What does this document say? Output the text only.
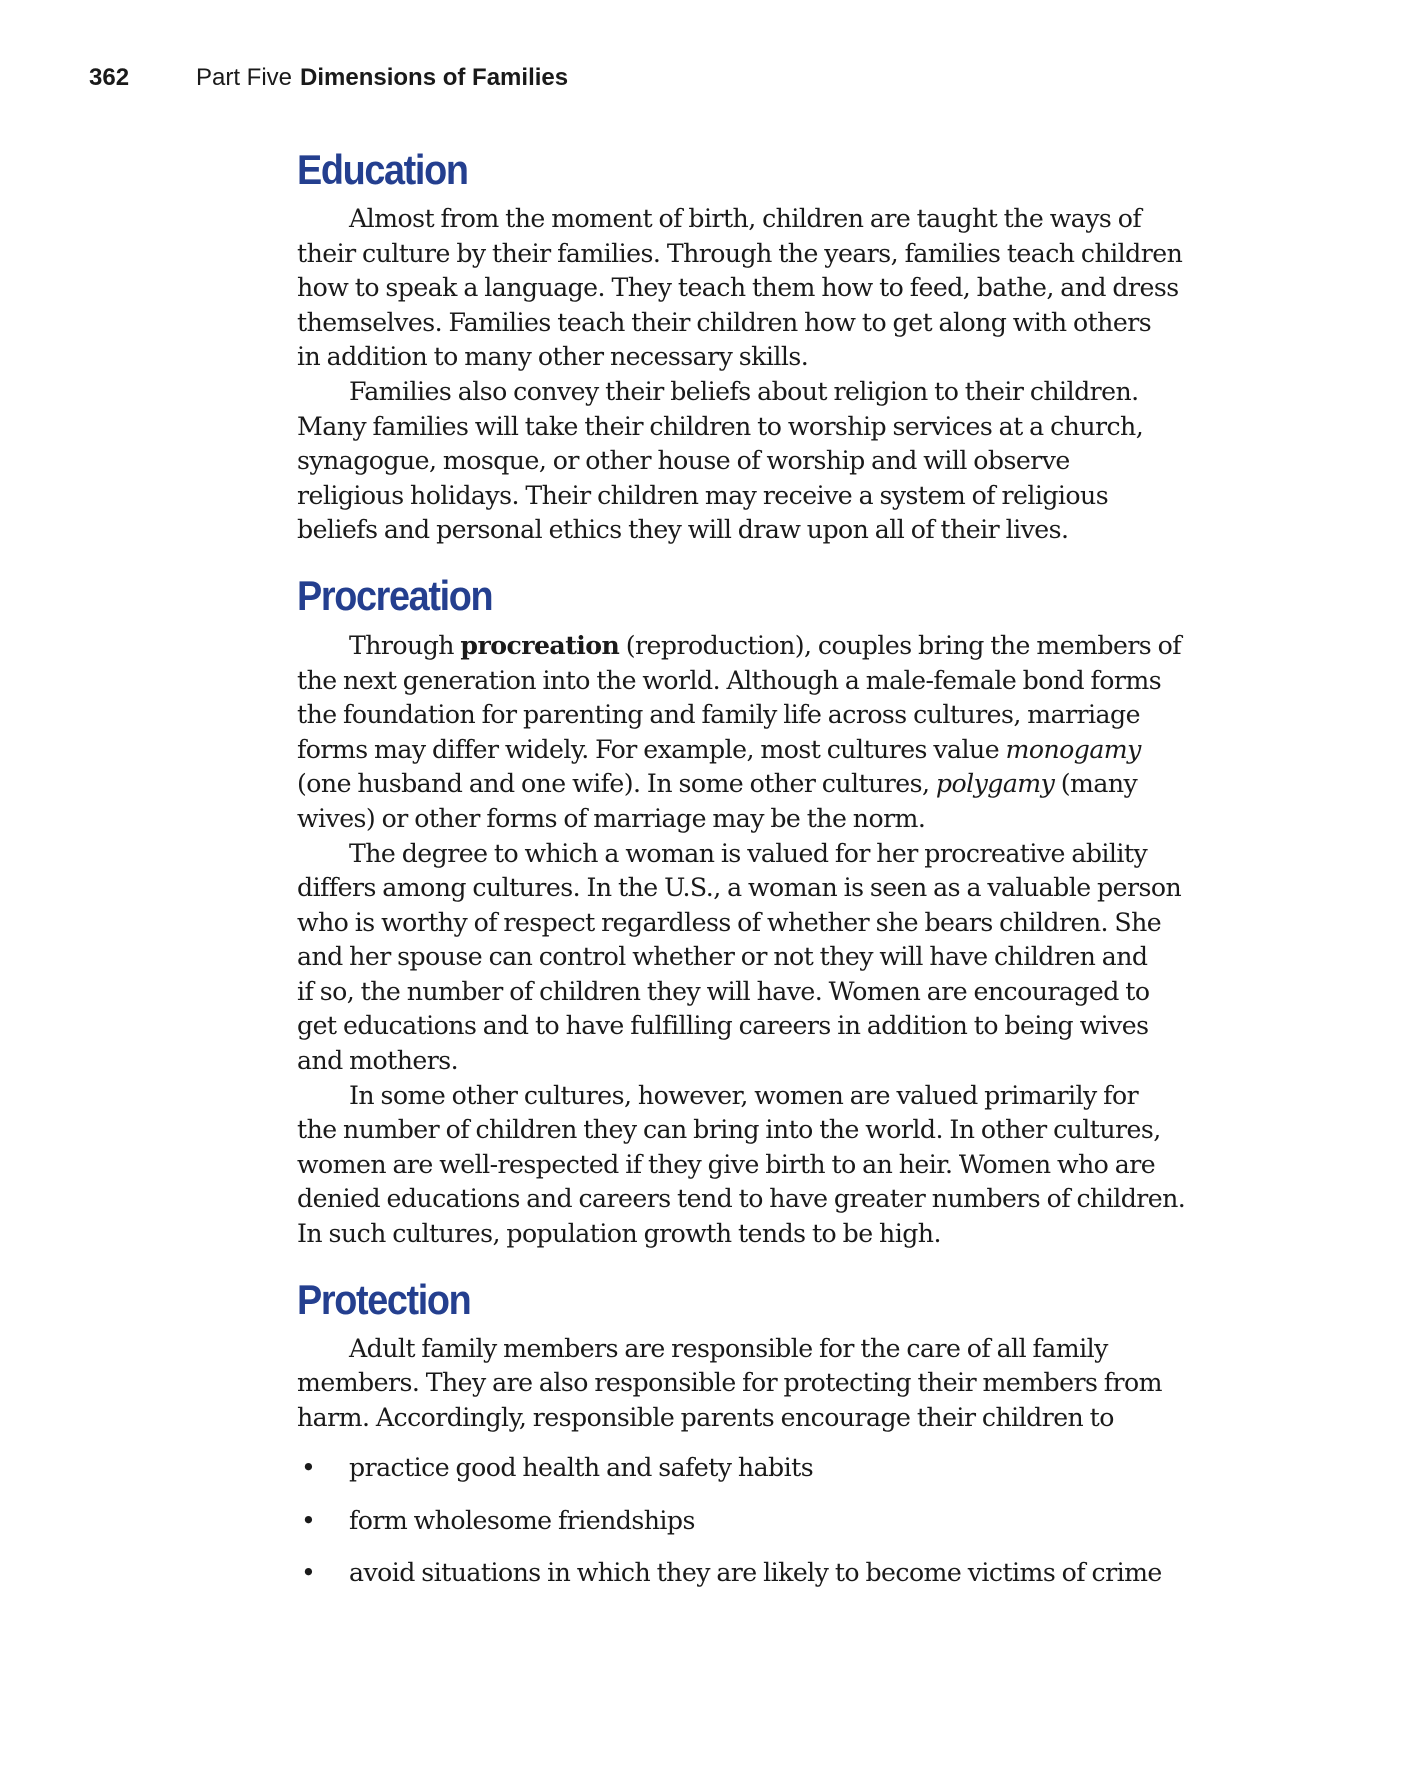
362	Part Five Dimensions of Families
Education

Almost from the moment of birth, children are taught the ways of
their culture by their families. Through the years, families teach children
how to speak a language. They teach them how to feed, bathe, and dress
themselves. Families teach their children how to get along with others
in addition to many other necessary skills.

Families also convey their beliefs about religion to their children.
Many families will take their children to worship services at a church,
synagogue, mosque, or other house of worship and will observe
religious holidays. Their children may receive a system of religious
beliefs and personal ethics they will draw upon all of their lives.

Procreation

Through procreation (reproduction), couples bring the members of
the next generation into the world. Although a male-female bond forms
the foundation for parenting and family life across cultures, marriage
forms may differ widely. For example, most cultures value monogamy
(one husband and one wife). In some other cultures, polygamy (many
wives) or other forms of marriage may be the norm.

The degree to which a woman is valued for her procreative ability
differs among cultures. In the U.S., a woman is seen as a valuable person
who is worthy of respect regardless of whether she bears children. She
and her spouse can control whether or not they will have children and
if so, the number of children they will have. Women are encouraged to
get educations and to have fulfilling careers in addition to being wives
and mothers.

In some other cultures, however, women are valued primarily for
the number of children they can bring into the world. In other cultures,
women are well-respected if they give birth to an heir. Women who are
denied educations and careers tend to have greater numbers of children.
In such cultures, population growth tends to be high.

Protection

Adult family members are responsible for the care of all family
members. They are also responsible for protecting their members from
harm. Accordingly, responsible parents encourage their children to

• practice good health and safety habits
• form wholesome friendships
• avoid situations in which they are likely to become victims of crime
